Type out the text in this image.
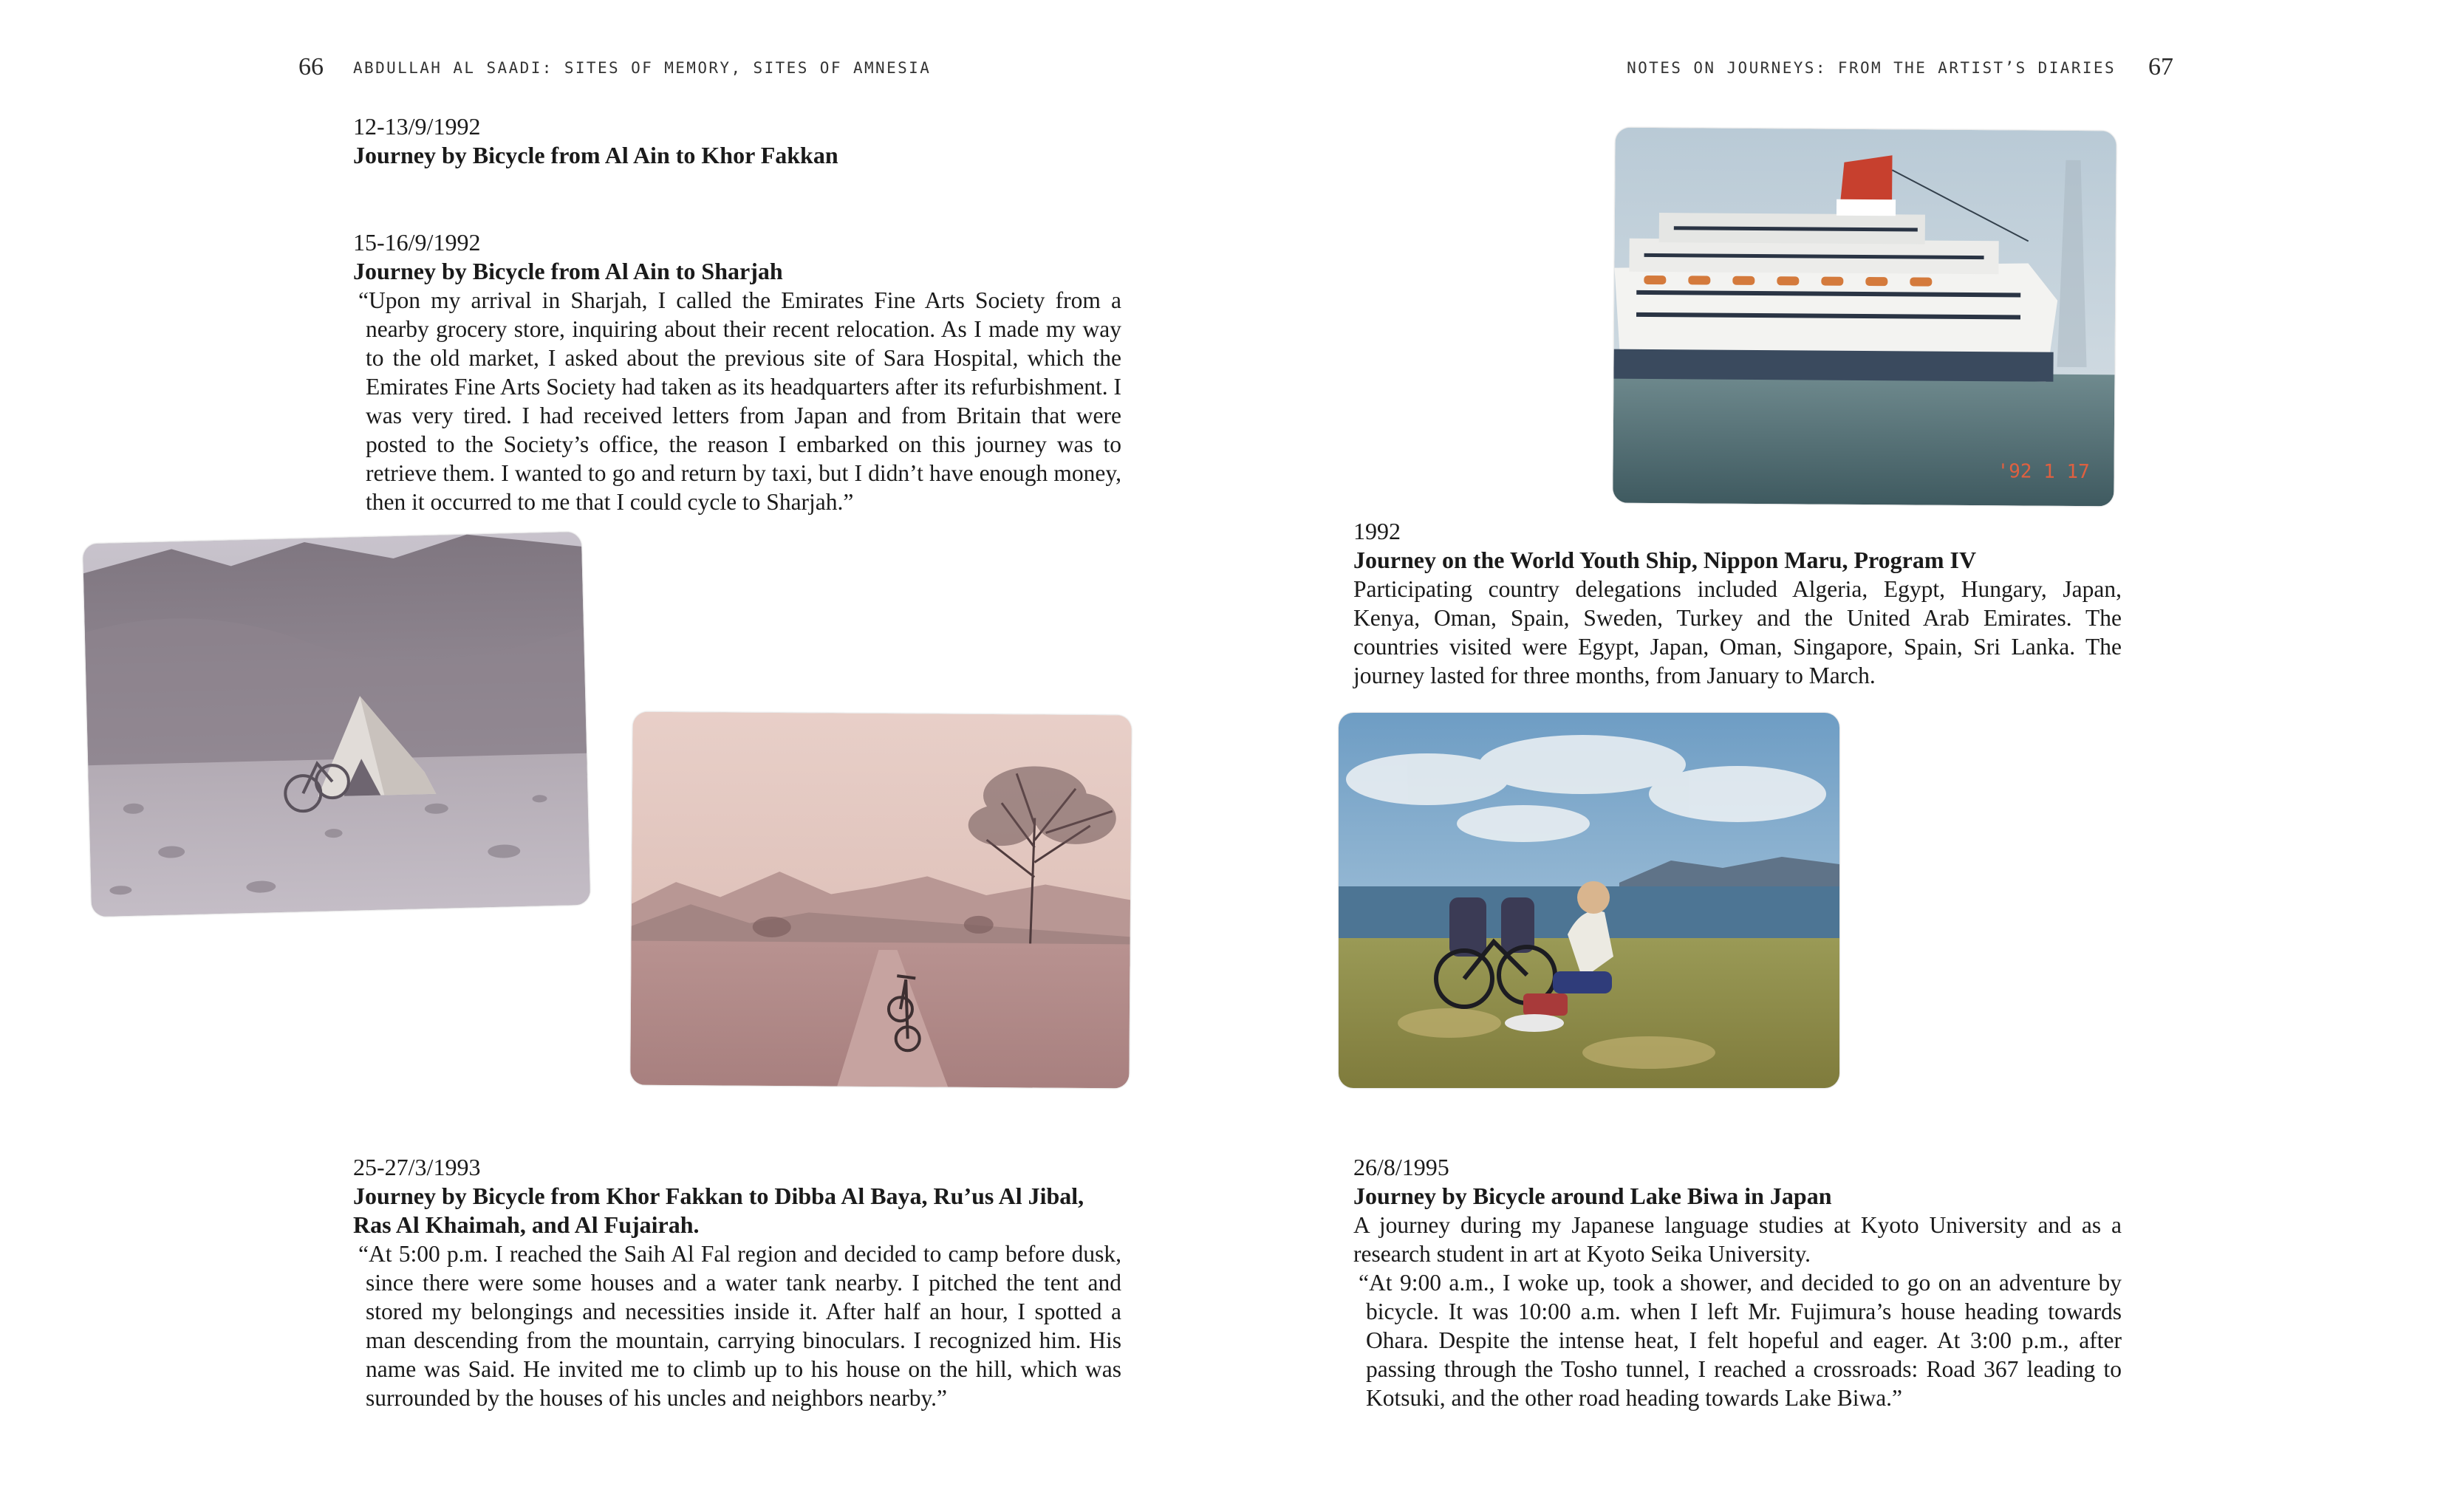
66 ABDULLAH AL SAADI: SITES OF MEMORY, SITES OF AMNESIA	NOTES ON JOURNEYS: FROM THE ARTIST’S DIARIES 67
12-13/9/1992
Journey by Bicycle from Al Ain to Khor Fakkan
15-16/9/1992
Journey by Bicycle from Al Ain to Sharjah

“Upon my arrival in Sharjah, I called the Emirates Fine Arts Society from a nearby grocery store, inquiring about their recent relocation. As I made my way to the old market, I asked about the previous site of Sara Hospital, which the Emirates Fine Arts Society had taken as its headquarters after its refurbishment. I was very tired. I had received letters from Japan and from Britain that were posted to the Society’s office, the reason I embarked on this journey was to retrieve them. I wanted to go and return by taxi, but I didn’t have enough money, then it occurred to me that I could cycle to Sharjah.”

25-27/3/1993
Journey by Bicycle from Khor Fakkan to Dibba Al Baya, Ru’us Al Jibal, Ras Al Khaimah, and Al Fujairah.

“At 5:00 p.m. I reached the Saih Al Fal region and decided to camp before dusk, since there were some houses and a water tank nearby. I pitched the tent and stored my belongings and necessities inside it. After half an hour, I spotted a man descending from the mountain, carrying binoculars. I recognized him. His name was Said. He invited me to climb up to his house on the hill, which was surrounded by the houses of his uncles and neighbors nearby.”

'92 1 17
1992
Journey on the World Youth Ship, Nippon Maru, Program IV

Participating country delegations included Algeria, Egypt, Hungary, Japan, Kenya, Oman, Spain, Sweden, Turkey and the United Arab Emirates. The countries visited were Egypt, Japan, Oman, Singapore, Spain, Sri Lanka. The journey lasted for three months, from January to March.

26/8/1995
Journey by Bicycle around Lake Biwa in Japan

A journey during my Japanese language studies at Kyoto University and as a research student in art at Kyoto Seika University.

“At 9:00 a.m., I woke up, took a shower, and decided to go on an adventure by bicycle. It was 10:00 a.m. when I left Mr. Fujimura’s house heading towards Ohara. Despite the intense heat, I felt hopeful and eager. At 3:00 p.m., after passing through the Tosho tunnel, I reached a crossroads: Road 367 leading to Kotsuki, and the other road heading towards Lake Biwa.”
